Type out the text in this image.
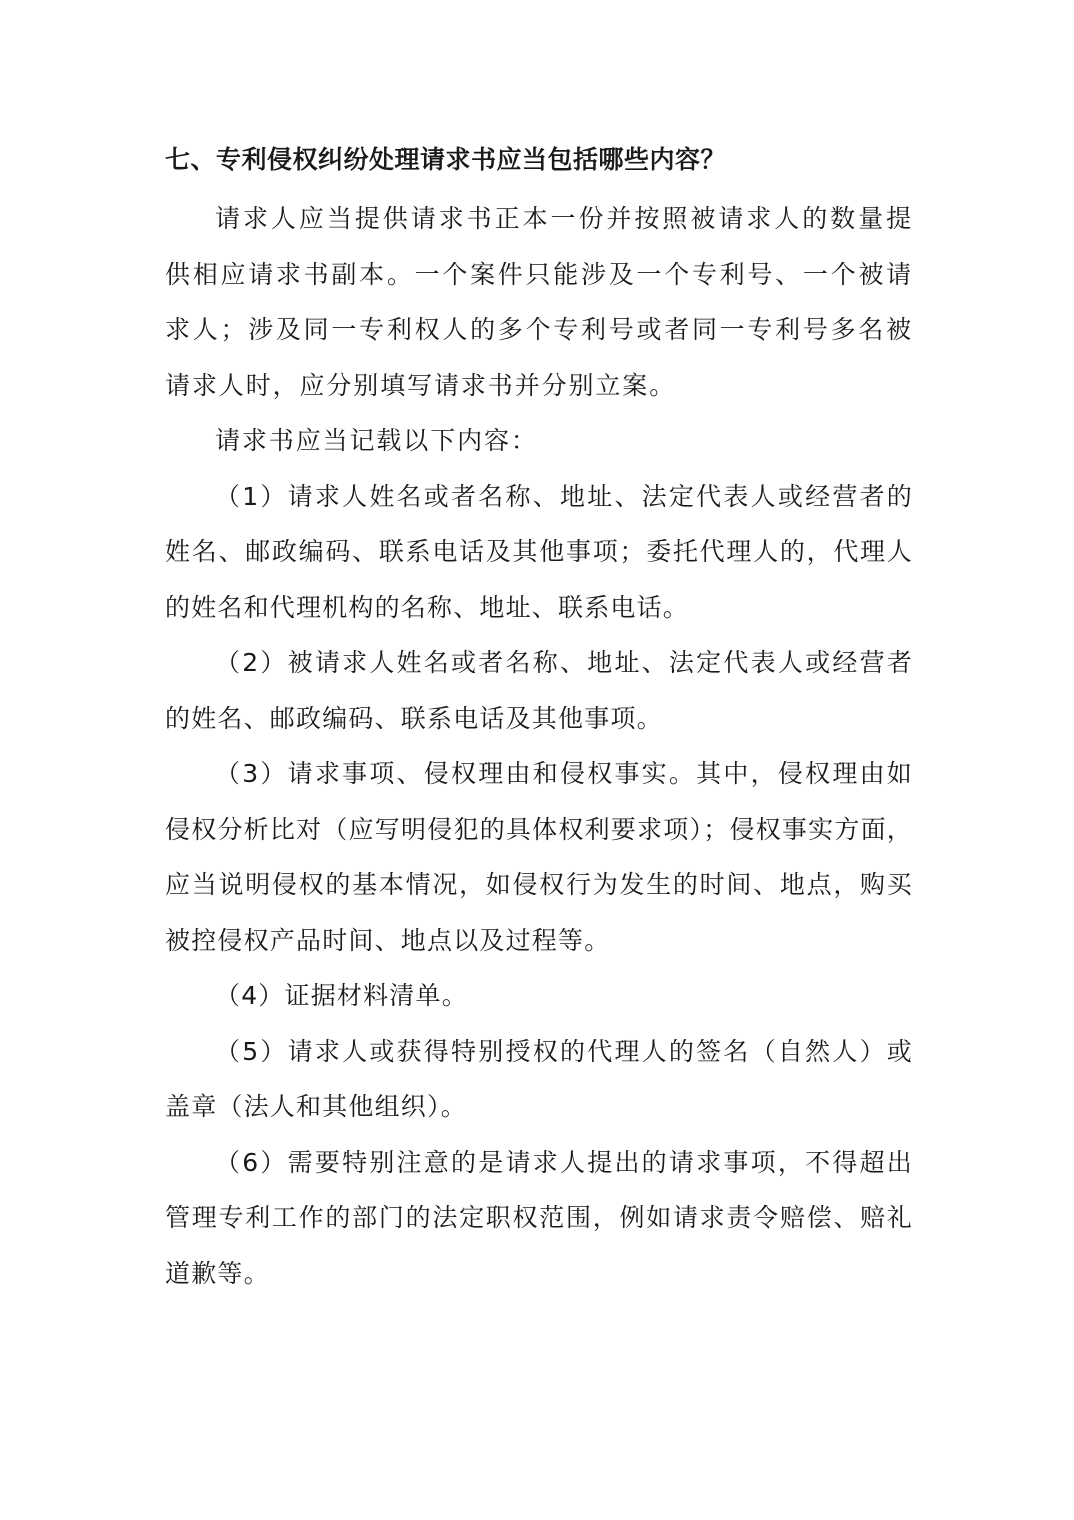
七、专利侵权纠纷处理请求书应当包括哪些内容？

请求人应当提供请求书正本一份并按照被请求人的数量提供相应请求书副本。一个案件只能涉及一个专利号、一个被请求人；涉及同一专利权人的多个专利号或者同一专利号多名被请求人时，应分别填写请求书并分别立案。

请求书应当记载以下内容：

（1）请求人姓名或者名称、地址、法定代表人或经营者的姓名、邮政编码、联系电话及其他事项；委托代理人的，代理人的姓名和代理机构的名称、地址、联系电话。

（2）被请求人姓名或者名称、地址、法定代表人或经营者的姓名、邮政编码、联系电话及其他事项。

（3）请求事项、侵权理由和侵权事实。其中，侵权理由如侵权分析比对（应写明侵犯的具体权利要求项）；侵权事实方面，应当说明侵权的基本情况，如侵权行为发生的时间、地点，购买被控侵权产品时间、地点以及过程等。

（4）证据材料清单。

（5）请求人或获得特别授权的代理人的签名（自然人）或盖章（法人和其他组织）。

（6）需要特别注意的是请求人提出的请求事项，不得超出管理专利工作的部门的法定职权范围，例如请求责令赔偿、赔礼道歉等。
